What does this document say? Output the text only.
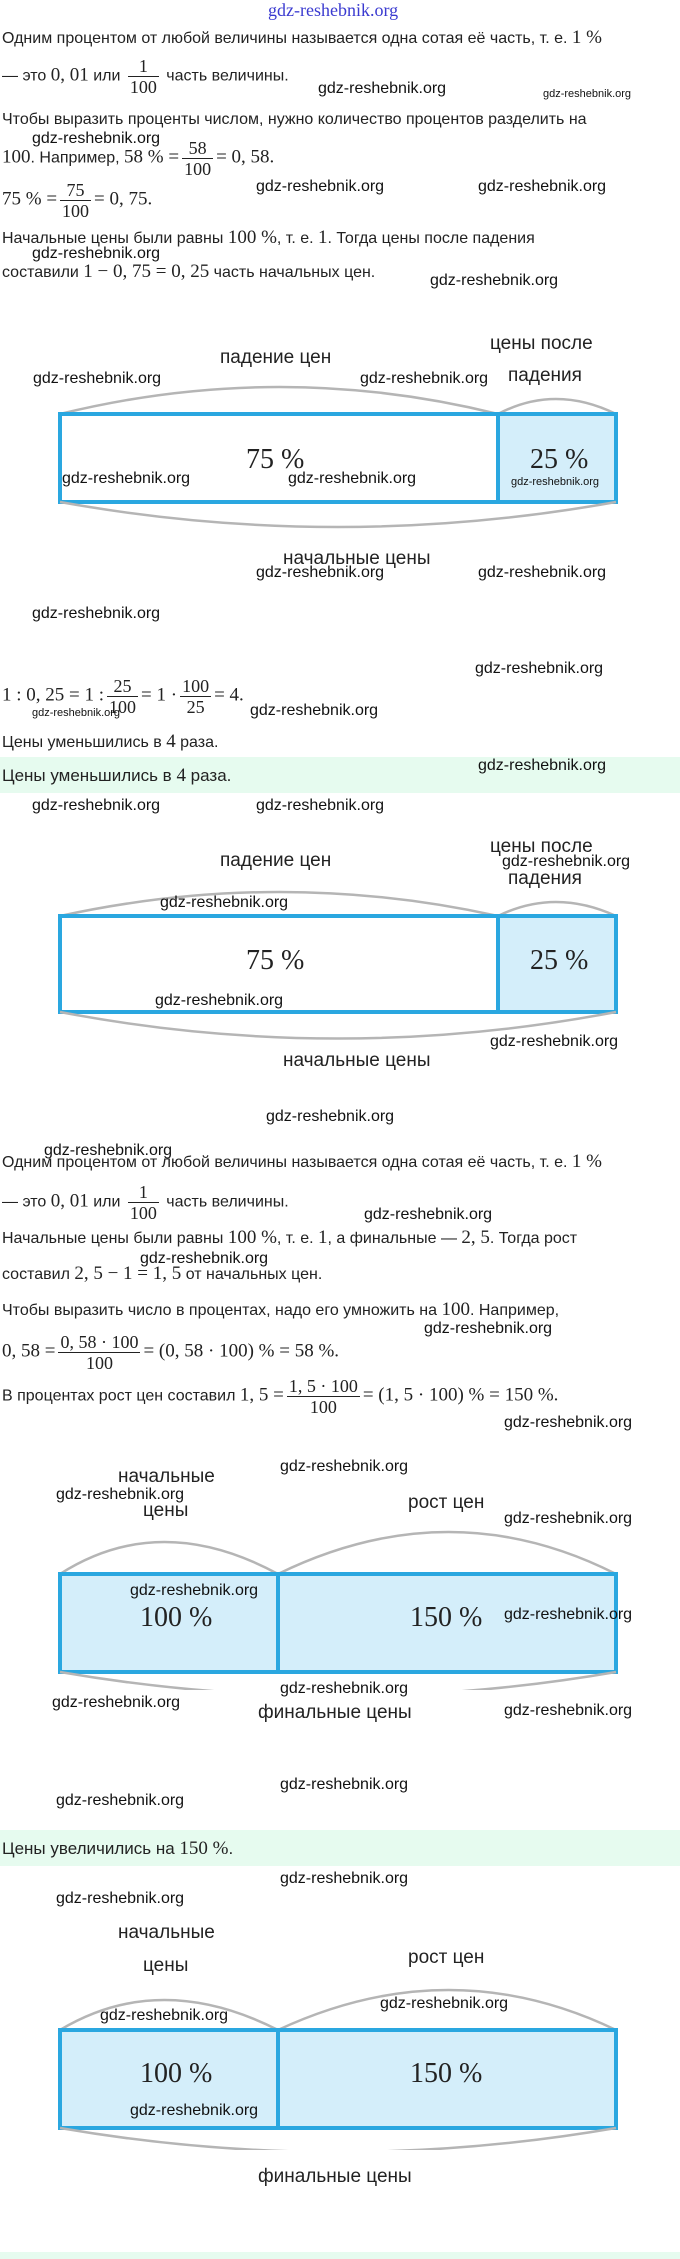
gdz-reshebnik.org
Одним процентом от любой величины называется одна сотая её часть, т. е. 1 %
— это 0, 01 или $\frac{1}{100}$ часть величины.
Чтобы выразить проценты числом, нужно количество процентов разделить на
100. Например, 58 % = $\frac{58}{100} = 0$, 58.
75 % = $\frac{75}{100} = 0$, 75.
Начальные цены были равны 100 %, т. е. 1. Тогда цены после падения
составили 1 − 0, 75 = 0, 25 часть начальных цен.
падение цен
цены после
падения
75 %	25 %
начальные цены
1 : 0, 25 = 1 : $\frac{25}{100} = 1 \cdot \frac{100}{25} = 4$.
Цены уменьшились в 4 раза.
Цены уменьшились в 4 раза.
падение цен
цены после
падения
75 %	25 %
начальные цены
Одним процентом от любой величины называется одна сотая её часть, т. е. 1 %
— это 0, 01 или $\frac{1}{100}$ часть величины.
Начальные цены были равны 100 %, т. е. 1, а финальные — 2, 5. Тогда рост
составил 2, 5 − 1 = 1, 5 от начальных цен.
Чтобы выразить число в процентах, надо его умножить на 100. Например,
0, $58 = \frac{0, 58 \cdot 100}{100} = (0$, 58 · 100) % = 58 %.
В процентах рост цен составил 1, $5 = \frac{1, 5 \cdot 100}{100} = (1$, 5 · 100) % = 150 %.
начальные
цены	рост цен
100 %	150 %
финальные цены
Цены увеличились на 150 %.
начальные
цены	рост цен
100 %	150 %
финальные цены
gdz-reshebnik.org	gdz-reshebnik.org
gdz-reshebnik.org
gdz-reshebnik.org	gdz-reshebnik.org
gdz-reshebnik.org
gdz-reshebnik.org
gdz-reshebnik.org	gdz-reshebnik.org
gdz-reshebnik.org	gdz-reshebnik.org	gdz-reshebnik.org
gdz-reshebnik.org	gdz-reshebnik.org
gdz-reshebnik.org
gdz-reshebnik.org
gdz-reshebnik.org	gdz-reshebnik.org
gdz-reshebnik.org
gdz-reshebnik.org	gdz-reshebnik.org
gdz-reshebnik.org
gdz-reshebnik.org
gdz-reshebnik.org
gdz-reshebnik.org
gdz-reshebnik.org
gdz-reshebnik.org
gdz-reshebnik.org
gdz-reshebnik.org
gdz-reshebnik.org
gdz-reshebnik.org
gdz-reshebnik.org
gdz-reshebnik.org
gdz-reshebnik.org
gdz-reshebnik.org
gdz-reshebnik.org
gdz-reshebnik.org
gdz-reshebnik.org	gdz-reshebnik.org
gdz-reshebnik.org
gdz-reshebnik.org
gdz-reshebnik.org
gdz-reshebnik.org
gdz-reshebnik.org
gdz-reshebnik.org
gdz-reshebnik.org
